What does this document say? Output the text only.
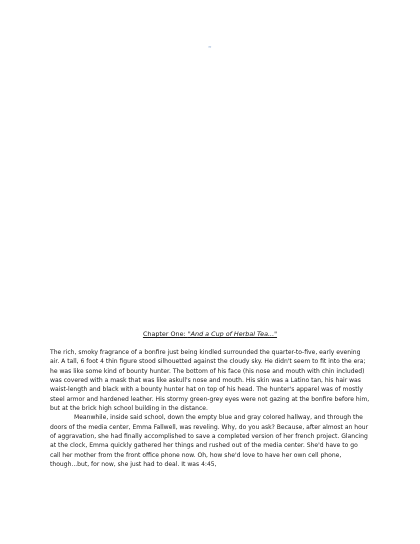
≈
Chapter One: "And a Cup of Herbal Tea..."

The rich, smoky fragrance of a bonfire just being kindled surrounded the quarter-to-five, early evening air. A tall, 6 foot 4 thin figure stood silhouetted against the cloudy sky. He didn't seem to fit into the era; he was like some kind of bounty hunter. The bottom of his face (his nose and mouth with chin included) was covered with a mask that was like askull's nose and mouth. His skin was a Latino tan, his hair was waist-length and black with a bounty hunter hat on top of his head. The hunter's apparel was of mostly steel armor and hardened leather. His stormy green-grey eyes were not gazing at the bonfire before him, but at the brick high school building in the distance.

Meanwhile, inside said school, down the empty blue and gray colored hallway, and through the doors of the media center, Emma Fallwell, was reveling. Why, do you ask? Because, after almost an hour of aggravation, she had finally accomplished to save a completed version of her french project. Glancing at the clock, Emma quickly gathered her things and rushed out of the media center. She'd have to go call her mother from the front office phone now. Oh, how she'd love to have her own cell phone, though...but, for now, she just had to deal. It was 4:45,
